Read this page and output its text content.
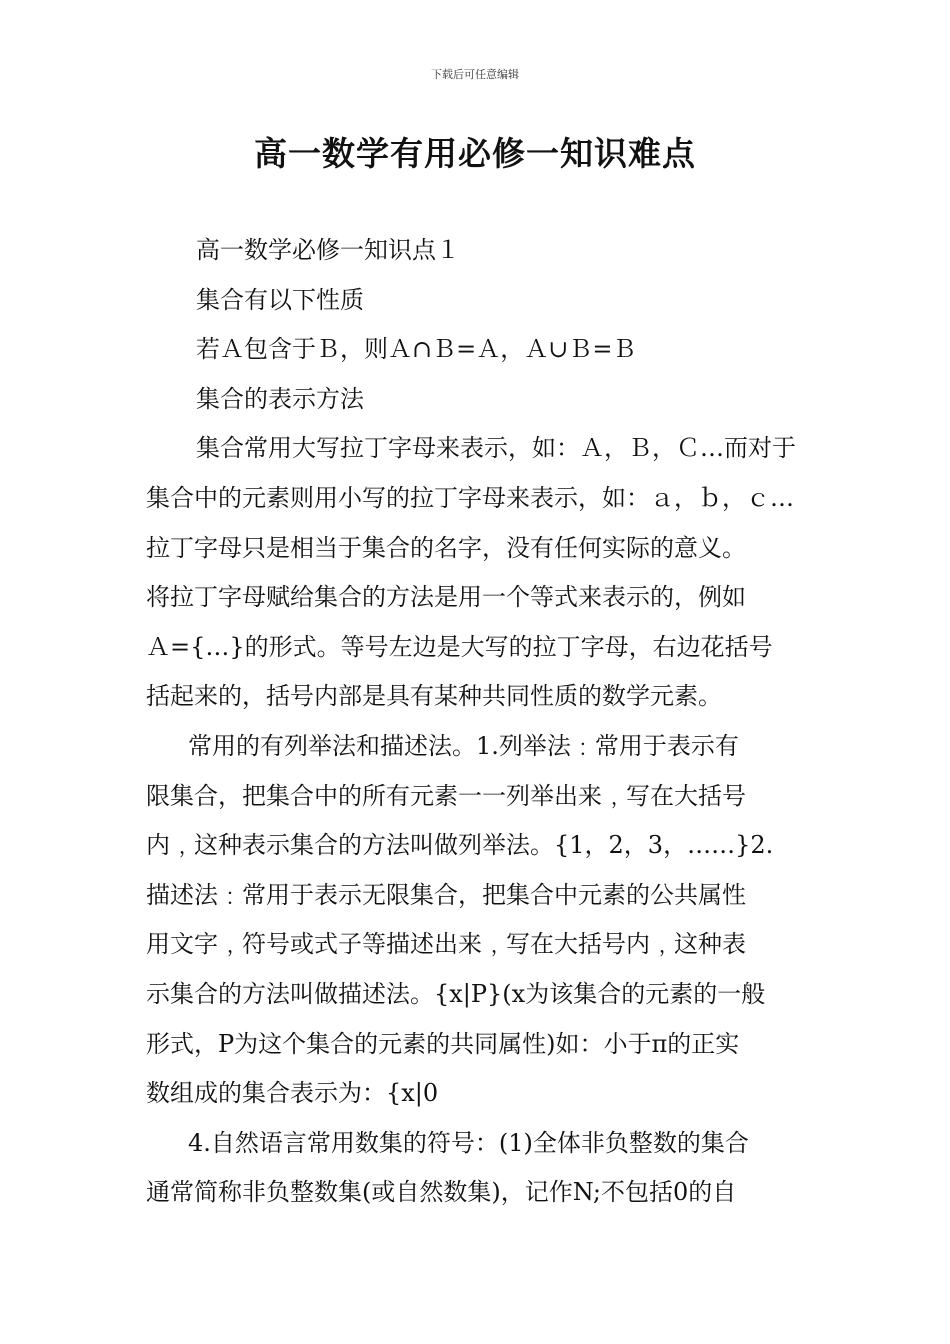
下载后可任意编辑
高一数学有用必修一知识难点
高一数学必修一知识点１
集合有以下性质
若Ａ包含于Ｂ，则Ａ∩Ｂ=Ａ，Ａ∪Ｂ=Ｂ
集合的表示方法
集合常用大写拉丁字母来表示，如：Ａ，Ｂ，Ｃ…而对于
集合中的元素则用小写的拉丁字母来表示，如：ａ，ｂ，ｃ…
拉丁字母只是相当于集合的名字，没有任何实际的意义。
将拉丁字母赋给集合的方法是用一个等式来表示的，例如
Ａ={…}的形式。等号左边是大写的拉丁字母，右边花括号
括起来的，括号内部是具有某种共同性质的数学元素。
常用的有列举法和描述法。1.列举法﹕常用于表示有
限集合，把集合中的所有元素一一列举出来﹐写在大括号
内﹐这种表示集合的方法叫做列举法。{1，2，3，……}2.
描述法﹕常用于表示无限集合，把集合中元素的公共属性
用文字﹐符号或式子等描述出来﹐写在大括号内﹐这种表
示集合的方法叫做描述法。{x|P}(x为该集合的元素的一般
形式，P为这个集合的元素的共同属性)如：小于π的正实
数组成的集合表示为：{x|0
4.自然语言常用数集的符号：(1)全体非负整数的集合
通常简称非负整数集(或自然数集)，记作N;不包括0的自
